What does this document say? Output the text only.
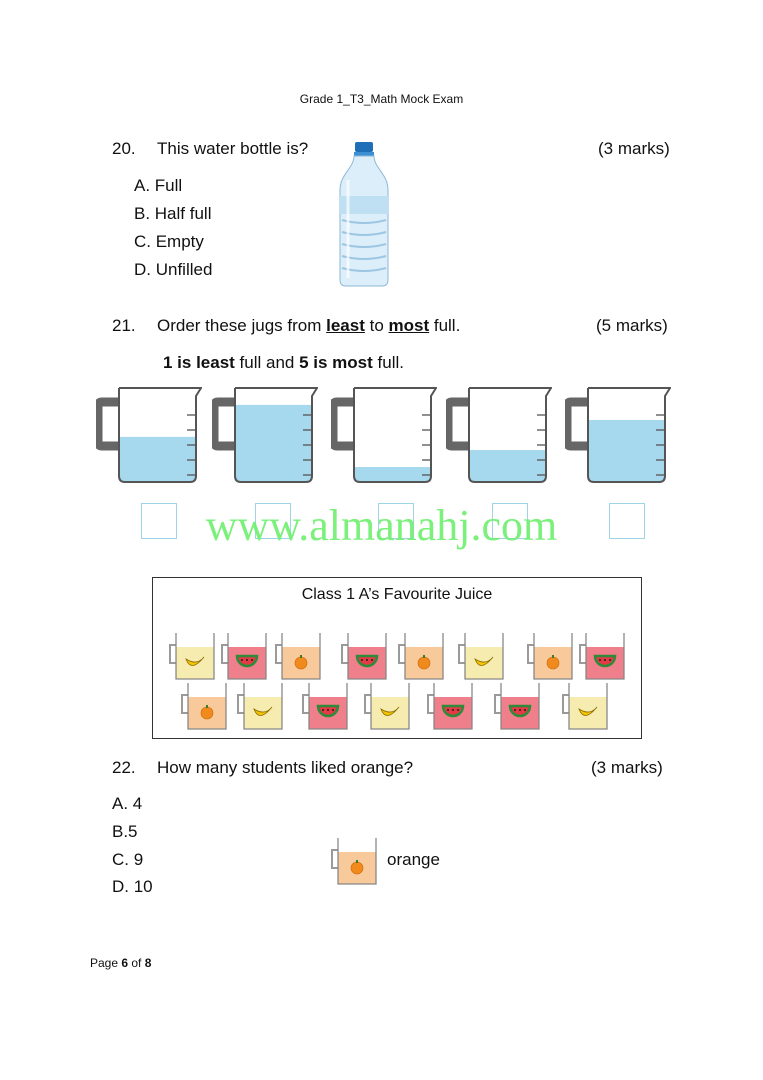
Grade 1_T3_Math Mock Exam
20. This water bottle is?	(3 marks)
A. Full
B. Half full
C. Empty
D. Unfilled
21. Order these jugs from least to most full.	(5 marks)
1 is least full and 5 is most full.
www.almanahj.com
Class 1 A’s Favourite Juice
22. How many students liked orange?	(3 marks)
A. 4
B.5
C. 9
D. 10
orange
Page 6 of 8
